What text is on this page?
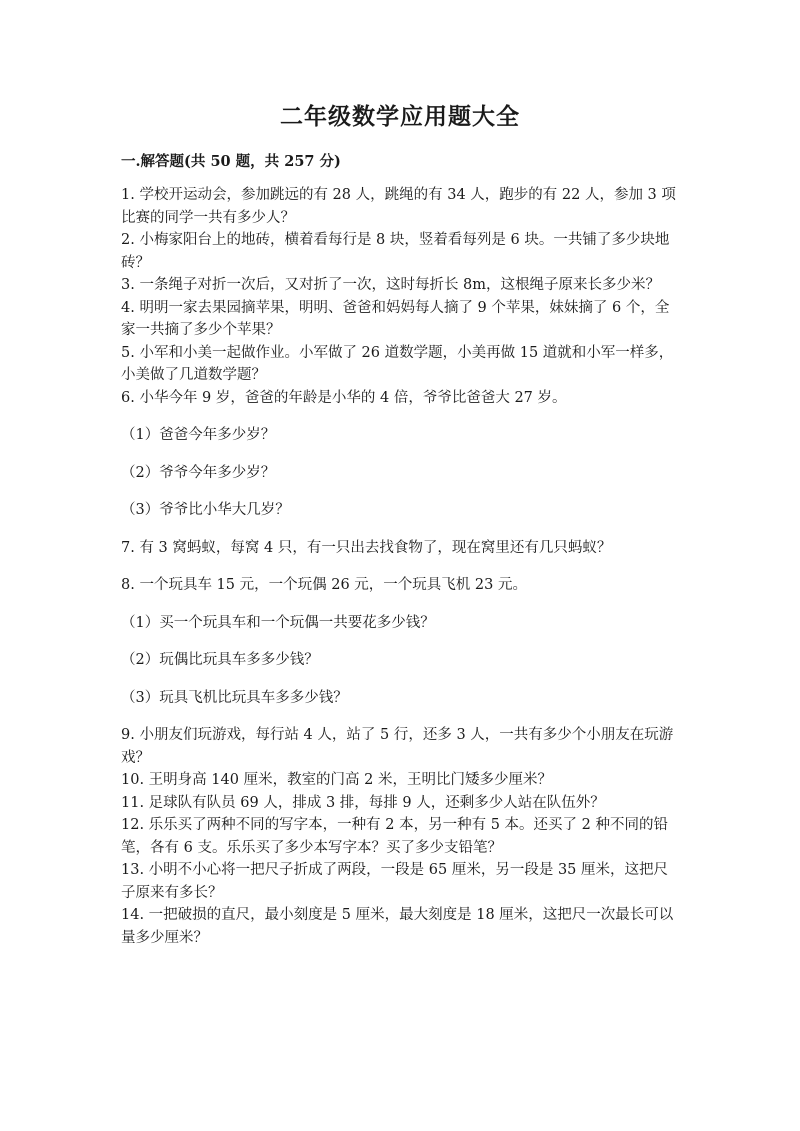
二年级数学应用题大全
一.解答题(共 50 题，共 257 分)

1. 学校开运动会，参加跳远的有 28 人，跳绳的有 34 人，跑步的有 22 人，参加 3 项比赛的同学一共有多少人？

2. 小梅家阳台上的地砖，横着看每行是 8 块，竖着看每列是 6 块。一共铺了多少块地砖？

3. 一条绳子对折一次后，又对折了一次，这时每折长 8m，这根绳子原来长多少米？

4. 明明一家去果园摘苹果，明明、爸爸和妈妈每人摘了 9 个苹果，妹妹摘了 6 个，全家一共摘了多少个苹果？

5. 小军和小美一起做作业。小军做了 26 道数学题，小美再做 15 道就和小军一样多，小美做了几道数学题？

6. 小华今年 9 岁，爸爸的年龄是小华的 4 倍，爷爷比爸爸大 27 岁。

（1）爸爸今年多少岁？

（2）爷爷今年多少岁？

（3）爷爷比小华大几岁？

7. 有 3 窝蚂蚁，每窝 4 只，有一只出去找食物了，现在窝里还有几只蚂蚁？

8. 一个玩具车 15 元，一个玩偶 26 元，一个玩具飞机 23 元。

（1）买一个玩具车和一个玩偶一共要花多少钱？

（2）玩偶比玩具车多多少钱？

（3）玩具飞机比玩具车多多少钱？

9. 小朋友们玩游戏，每行站 4 人，站了 5 行，还多 3 人，一共有多少个小朋友在玩游戏？

10. 王明身高 140 厘米，教室的门高 2 米，王明比门矮多少厘米？

11. 足球队有队员 69 人，排成 3 排，每排 9 人，还剩多少人站在队伍外？

12. 乐乐买了两种不同的写字本，一种有 2 本，另一种有 5 本。还买了 2 种不同的铅笔，各有 6 支。乐乐买了多少本写字本？买了多少支铅笔？

13. 小明不小心将一把尺子折成了两段，一段是 65 厘米，另一段是 35 厘米，这把尺子原来有多长？

14. 一把破损的直尺，最小刻度是 5 厘米，最大刻度是 18 厘米，这把尺一次最长可以量多少厘米？
